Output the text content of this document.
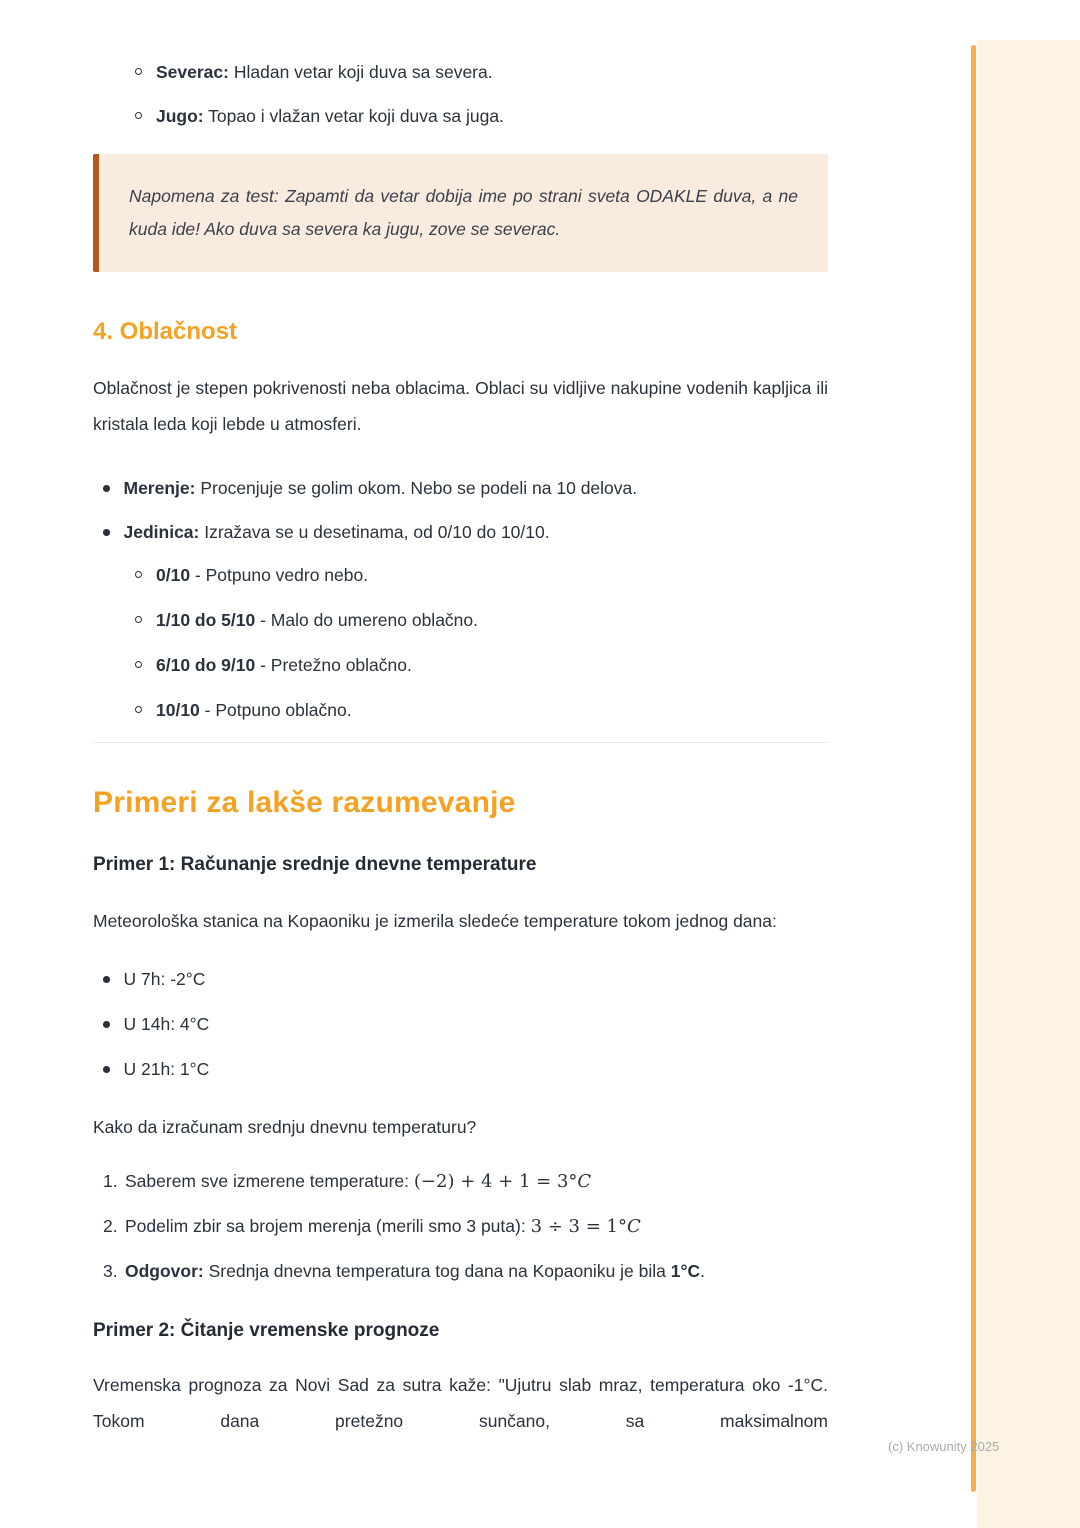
Severac: Hladan vetar koji duva sa severa.
Jugo: Topao i vlažan vetar koji duva sa juga.
Napomena za test: Zapamti da vetar dobija ime po strani sveta ODAKLE duva, a ne kuda ide! Ako duva sa severa ka jugu, zove se severac.
4. Oblačnost

Oblačnost je stepen pokrivenosti neba oblacima. Oblaci su vidljive nakupine vodenih kapljica ili kristala leda koji lebde u atmosferi.

Merenje: Procenjuje se golim okom. Nebo se podeli na 10 delova.
Jedinica: Izražava se u desetinama, od 0/10 do 10/10.
0/10 - Potpuno vedro nebo.
1/10 do 5/10 - Malo do umereno oblačno.
6/10 do 9/10 - Pretežno oblačno.
10/10 - Potpuno oblačno.
Primeri za lakše razumevanje
Primer 1: Računanje srednje dnevne temperature

Meteorološka stanica na Kopaoniku je izmerila sledeće temperature tokom jednog dana:

U 7h: -2°C
U 14h: 4°C
U 21h: 1°C

Kako da izračunam srednju dnevnu temperaturu?

1. Saberem sve izmerene temperature: (−2) + 4 + 1 = 3°C
2. Podelim zbir sa brojem merenja (merili smo 3 puta): 3 ÷ 3 = 1°C
3. Odgovor: Srednja dnevna temperatura tog dana na Kopaoniku je bila 1°C.
Primer 2: Čitanje vremenske prognoze

Vremenska prognoza za Novi Sad za sutra kaže: "Ujutru slab mraz, temperatura oko -1°C. Tokom dana pretežno sunčano, sa maksimalnom

(c) Knowunity 2025
